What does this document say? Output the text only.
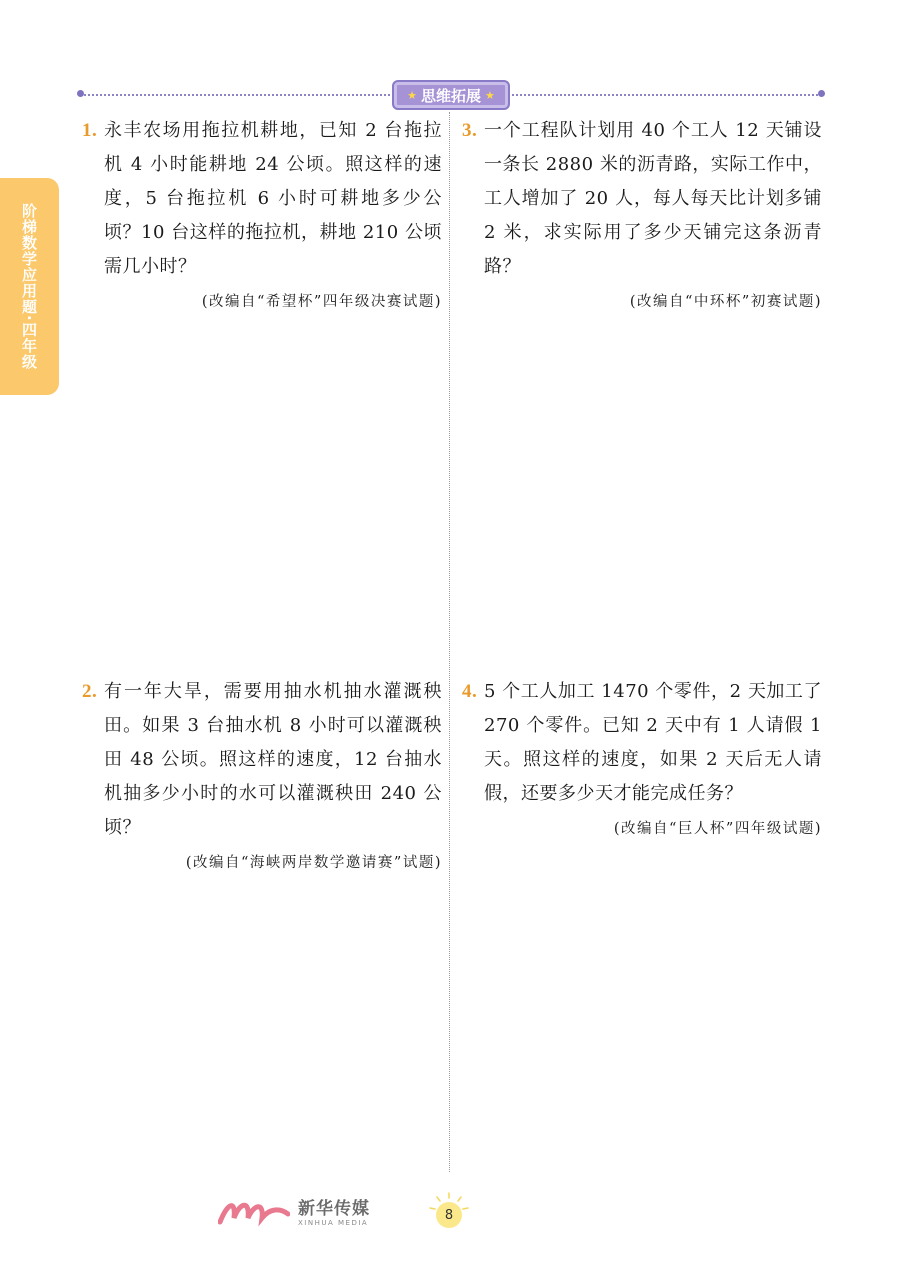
★ 思维拓展 ★
阶梯数学应用题·四年级
1. 永丰农场用拖拉机耕地，已知 2 台拖拉机 4 小时能耕地 24 公顷。照这样的速度，5 台拖拉机 6 小时可耕地多少公顷？10 台这样的拖拉机，耕地 210 公顷需几小时？
(改编自“希望杯”四年级决赛试题)
3. 一个工程队计划用 40 个工人 12 天铺设一条长 2880 米的沥青路，实际工作中，工人增加了 20 人，每人每天比计划多铺 2 米，求实际用了多少天铺完这条沥青路？
(改编自“中环杯”初赛试题)
2. 有一年大旱，需要用抽水机抽水灌溉秧田。如果 3 台抽水机 8 小时可以灌溉秧田 48 公顷。照这样的速度，12 台抽水机抽多少小时的水可以灌溉秧田 240 公顷？
(改编自“海峡两岸数学邀请赛”试题)
4. 5 个工人加工 1470 个零件，2 天加工了 270 个零件。已知 2 天中有 1 人请假 1 天。照这样的速度，如果 2 天后无人请假，还要多少天才能完成任务？
(改编自“巨人杯”四年级试题)
新华传媒
XINHUA MEDIA	8
